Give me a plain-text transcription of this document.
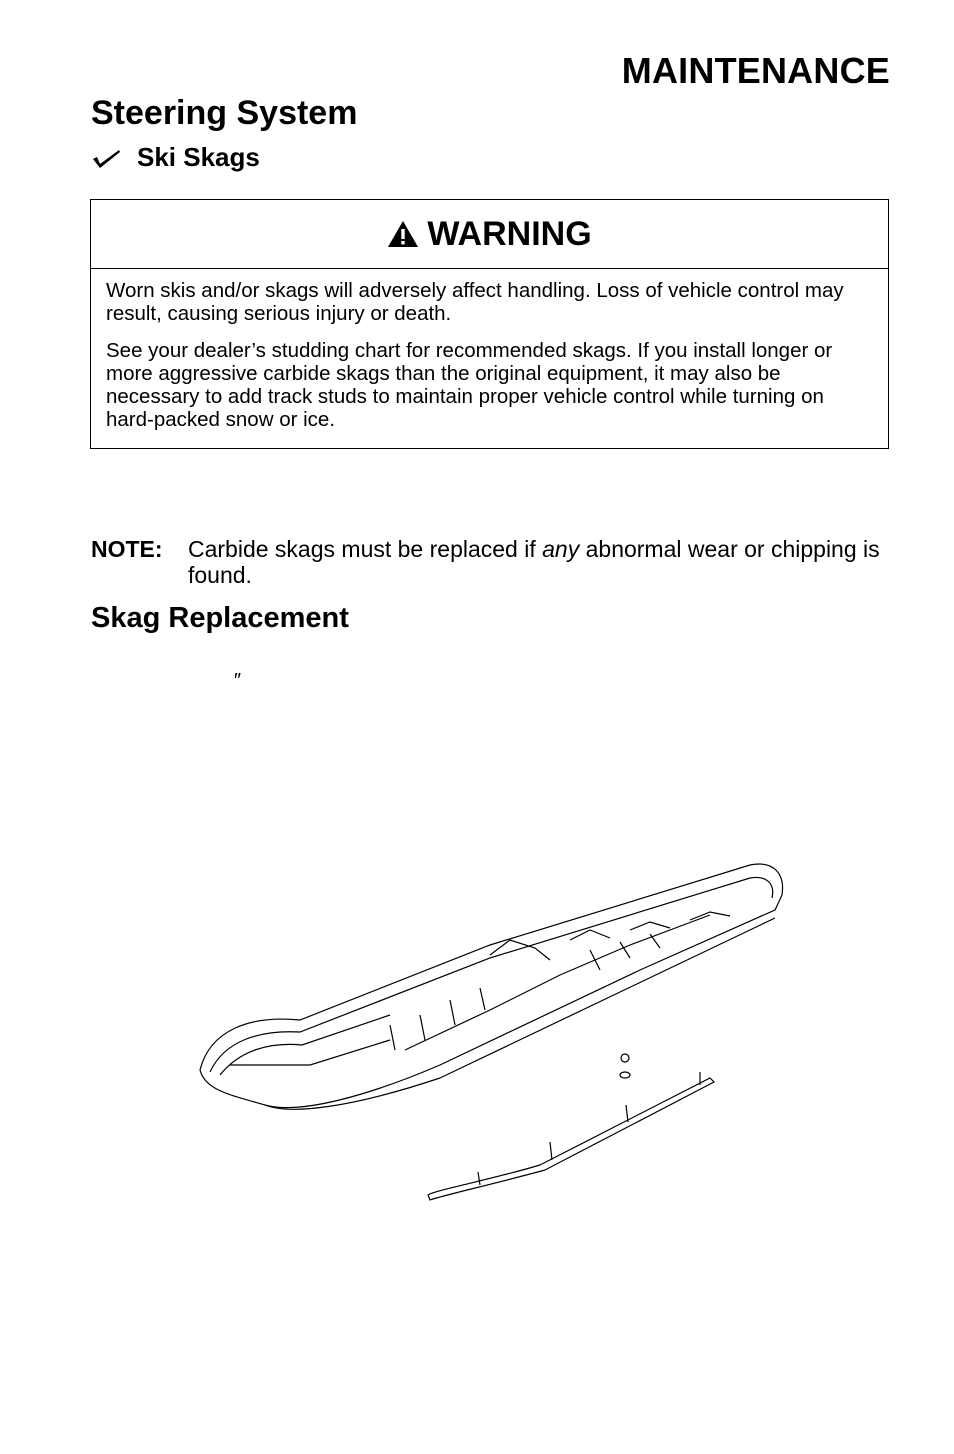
MAINTENANCE
Steering System
Ski Skags
WARNING

Worn skis and/or skags will adversely affect handling. Loss of vehicle control may result, causing serious injury or death.

See your dealer’s studding chart for recommended skags. If you install longer or more aggressive carbide skags than the original equipment, it may also be necessary to add track studs to maintain proper vehicle control while turning on hard-packed snow or ice.

NOTE: Carbide skags must be replaced if any abnormal wear or chipping is found.
Skag Replacement
″
